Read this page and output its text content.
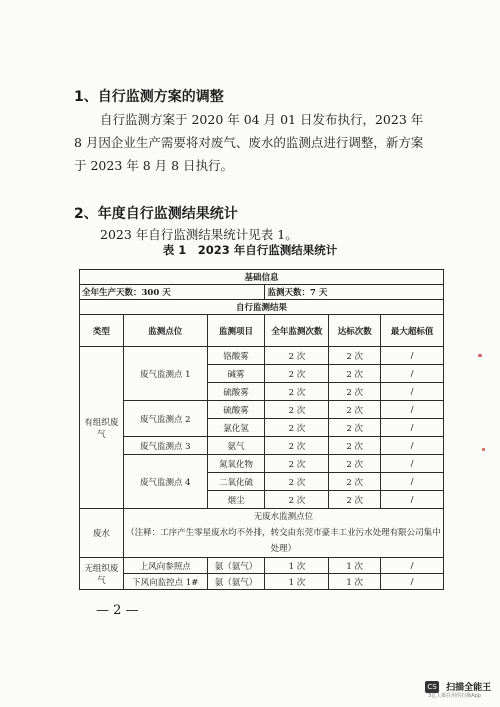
1、自行监测方案的调整
自行监测方案于 2020 年 04 月 01 日发布执行，2023 年 8 月因企业生产需要将对废气、废水的监测点进行调整，新方案于 2023 年 8 月 8 日执行。
2、年度自行监测结果统计
2023 年自行监测结果统计见表 1。
表 1　2023 年自行监测结果统计
基础信息					
全年生产天数：300 天			监测天数：7 天		
自行监测结果					
类型	监测点位	监测项目	全年监测次数	达标次数	最大超标值
有组织废气	废气监测点 1	铬酸雾	2 次	2 次	/
		碱雾	2 次	2 次	/
		硫酸雾	2 次	2 次	/
	废气监测点 2	硫酸雾	2 次	2 次	/
		氯化氢	2 次	2 次	/
	废气监测点 3	氨气	2 次	2 次	/
	废气监测点 4	氮氧化物	2 次	2 次	/
		二氧化硫	2 次	2 次	/
		烟尘	2 次	2 次	/
废水	无废水监测点位
（注释：工序产生零星废水均不外排，转交由东莞市豪丰工业污水处理有限公司集中处理）				

无组织废气	上风向参照点	氨（氨气）	1 次	1 次	/
	下风向监控点 1#	氨（氨气）	1 次	1 次	/
— 2 —
CS 扫描全能王
3亿人都在用的扫描App
